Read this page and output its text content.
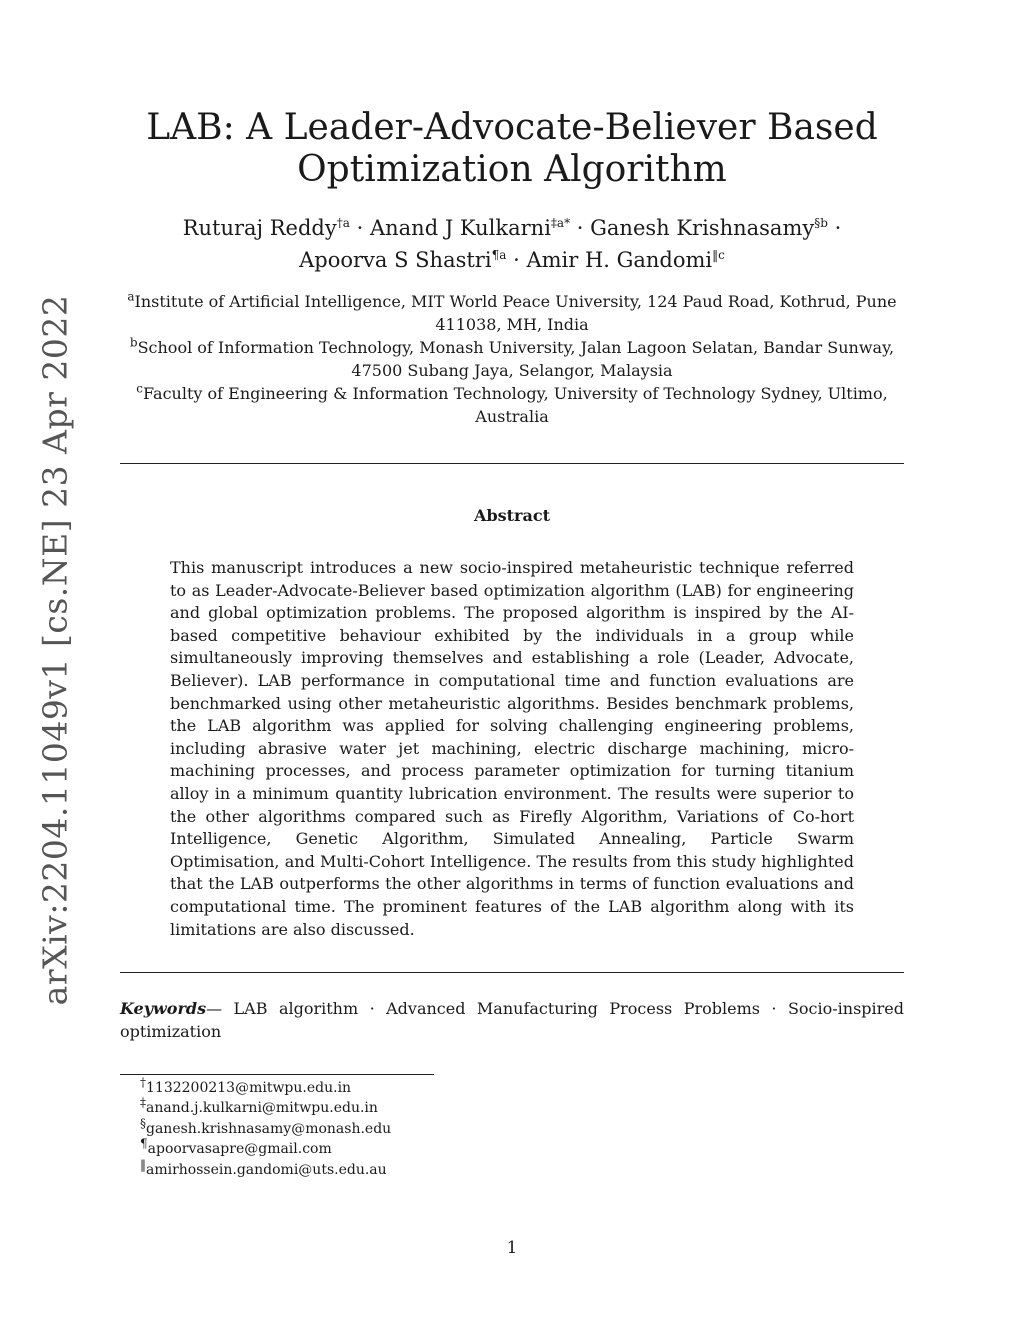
arXiv:2204.11049v1 [cs.NE] 23 Apr 2022
LAB: A Leader-Advocate-Believer Based Optimization Algorithm
Ruturaj Reddy$^{\dagger a}$ · Anand J Kulkarni$^{\ddagger a*}$ · Ganesh Krishnasamy$^{\S b}$ ·
Apoorva S Shastri$^{\P a}$ · Amir H. Gandomi$^{‖c}$
$^a$Institute of Artificial Intelligence, MIT World Peace University, 124 Paud Road, Kothrud, Pune
411038, MH, India
$^b$School of Information Technology, Monash University, Jalan Lagoon Selatan, Bandar Sunway,
47500 Subang Jaya, Selangor, Malaysia
$^c$Faculty of Engineering & Information Technology, University of Technology Sydney, Ultimo,
Australia
Abstract
This manuscript introduces a new socio-inspired metaheuristic technique referred to as Leader-Advocate-Believer based optimization algorithm (LAB) for engineering and global optimization problems. The proposed algorithm is inspired by the AI-based competitive behaviour exhibited by the individuals in a group while simultaneously improving themselves and establishing a role (Leader, Advocate, Believer). LAB performance in computational time and function evaluations are benchmarked using other metaheuristic algorithms. Besides benchmark problems, the LAB algorithm was applied for solving challenging engineering problems, including abrasive water jet machining, electric discharge machining, micro-machining processes, and process parameter optimization for turning titanium alloy in a minimum quantity lubrication environment. The results were superior to the other algorithms compared such as Firefly Algorithm, Variations of Co-hort Intelligence, Genetic Algorithm, Simulated Annealing, Particle Swarm Optimisation, and Multi-Cohort Intelligence. The results from this study highlighted that the LAB outperforms the other algorithms in terms of function evaluations and computational time. The prominent features of the LAB algorithm along with its limitations are also discussed.
Keywords— LAB algorithm · Advanced Manufacturing Process Problems · Socio-inspired optimization
†1132200213@mitwpu.edu.in
‡anand.j.kulkarni@mitwpu.edu.in
§ganesh.krishnasamy@monash.edu
¶apoorvasapre@gmail.com
‖amirhossein.gandomi@uts.edu.au
1
